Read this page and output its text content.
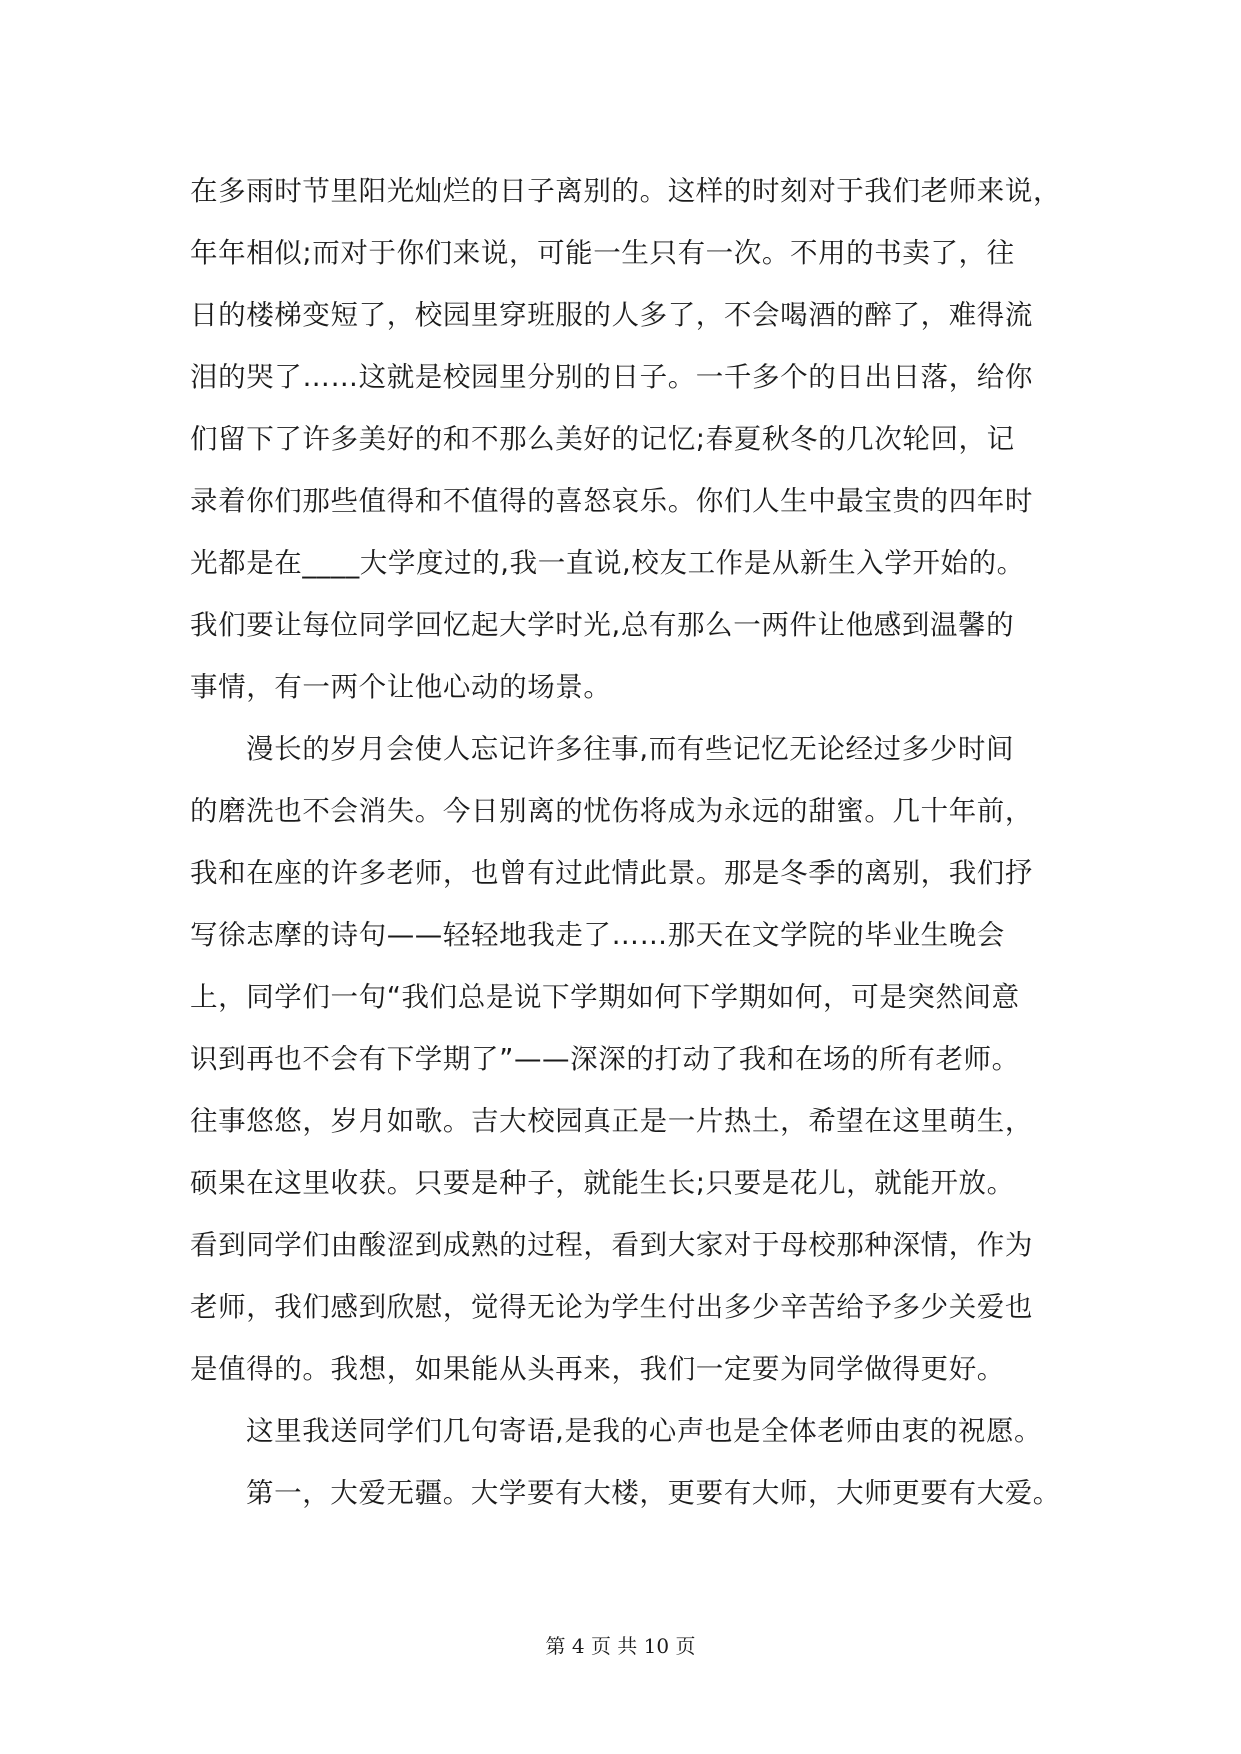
在多雨时节里阳光灿烂的日子离别的。这样的时刻对于我们老师来说，
年年相似;而对于你们来说，可能一生只有一次。不用的书卖了，往
日的楼梯变短了，校园里穿班服的人多了，不会喝酒的醉了，难得流
泪的哭了……这就是校园里分别的日子。一千多个的日出日落，给你
们留下了许多美好的和不那么美好的记忆;春夏秋冬的几次轮回，记
录着你们那些值得和不值得的喜怒哀乐。你们人生中最宝贵的四年时
光都是在____大学度过的,我一直说,校友工作是从新生入学开始的。
我们要让每位同学回忆起大学时光,总有那么一两件让他感到温馨的
事情，有一两个让他心动的场景。
漫长的岁月会使人忘记许多往事,而有些记忆无论经过多少时间
的磨洗也不会消失。今日别离的忧伤将成为永远的甜蜜。几十年前，
我和在座的许多老师，也曾有过此情此景。那是冬季的离别，我们抒
写徐志摩的诗句——轻轻地我走了……那天在文学院的毕业生晚会
上，同学们一句“我们总是说下学期如何下学期如何，可是突然间意
识到再也不会有下学期了”——深深的打动了我和在场的所有老师。
往事悠悠，岁月如歌。吉大校园真正是一片热土，希望在这里萌生，
硕果在这里收获。只要是种子，就能生长;只要是花儿，就能开放。
看到同学们由酸涩到成熟的过程，看到大家对于母校那种深情，作为
老师，我们感到欣慰，觉得无论为学生付出多少辛苦给予多少关爱也
是值得的。我想，如果能从头再来，我们一定要为同学做得更好。
这里我送同学们几句寄语,是我的心声也是全体老师由衷的祝愿。
第一，大爱无疆。大学要有大楼，更要有大师，大师更要有大爱。
第 4 页 共 10 页
